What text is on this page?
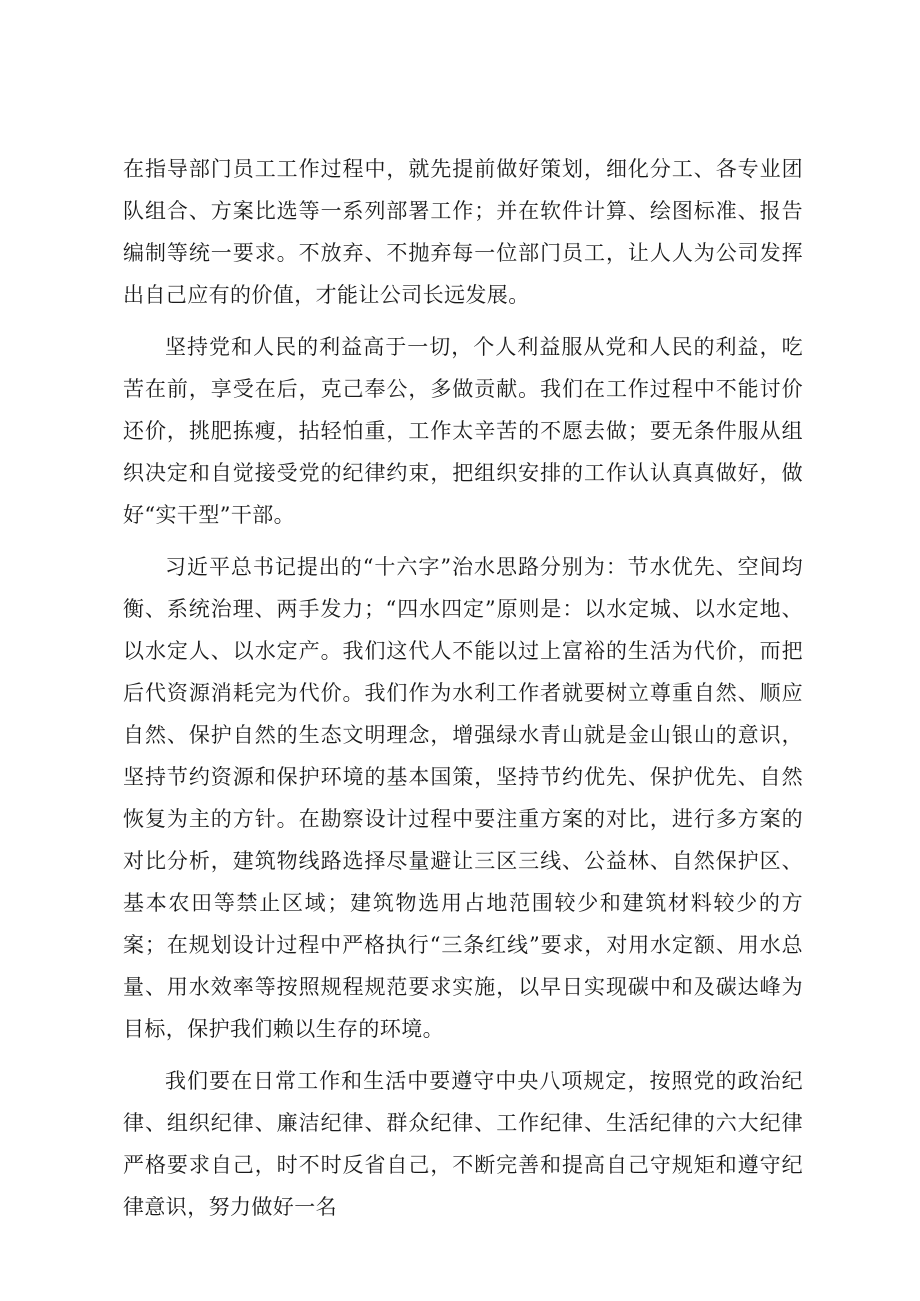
在指导部门员工工作过程中，就先提前做好策划，细化分工、各专业团队组合、方案比选等一系列部署工作；并在软件计算、绘图标准、报告编制等统一要求。不放弃、不抛弃每一位部门员工，让人人为公司发挥出自己应有的价值，才能让公司长远发展。

坚持党和人民的利益高于一切，个人利益服从党和人民的利益，吃苦在前，享受在后，克己奉公，多做贡献。我们在工作过程中不能讨价还价，挑肥拣瘦，拈轻怕重，工作太辛苦的不愿去做；要无条件服从组织决定和自觉接受党的纪律约束，把组织安排的工作认认真真做好，做好“实干型”干部。

习近平总书记提出的“十六字”治水思路分别为：节水优先、空间均衡、系统治理、两手发力；“四水四定”原则是：以水定城、以水定地、以水定人、以水定产。我们这代人不能以过上富裕的生活为代价，而把后代资源消耗完为代价。我们作为水利工作者就要树立尊重自然、顺应自然、保护自然的生态文明理念，增强绿水青山就是金山银山的意识，坚持节约资源和保护环境的基本国策，坚持节约优先、保护优先、自然恢复为主的方针。在勘察设计过程中要注重方案的对比，进行多方案的对比分析，建筑物线路选择尽量避让三区三线、公益林、自然保护区、基本农田等禁止区域；建筑物选用占地范围较少和建筑材料较少的方案；在规划设计过程中严格执行“三条红线”要求，对用水定额、用水总量、用水效率等按照规程规范要求实施，以早日实现碳中和及碳达峰为目标，保护我们赖以生存的环境。

我们要在日常工作和生活中要遵守中央八项规定，按照党的政治纪律、组织纪律、廉洁纪律、群众纪律、工作纪律、生活纪律的六大纪律严格要求自己，时不时反省自己，不断完善和提高自己守规矩和遵守纪律意识，努力做好一名
